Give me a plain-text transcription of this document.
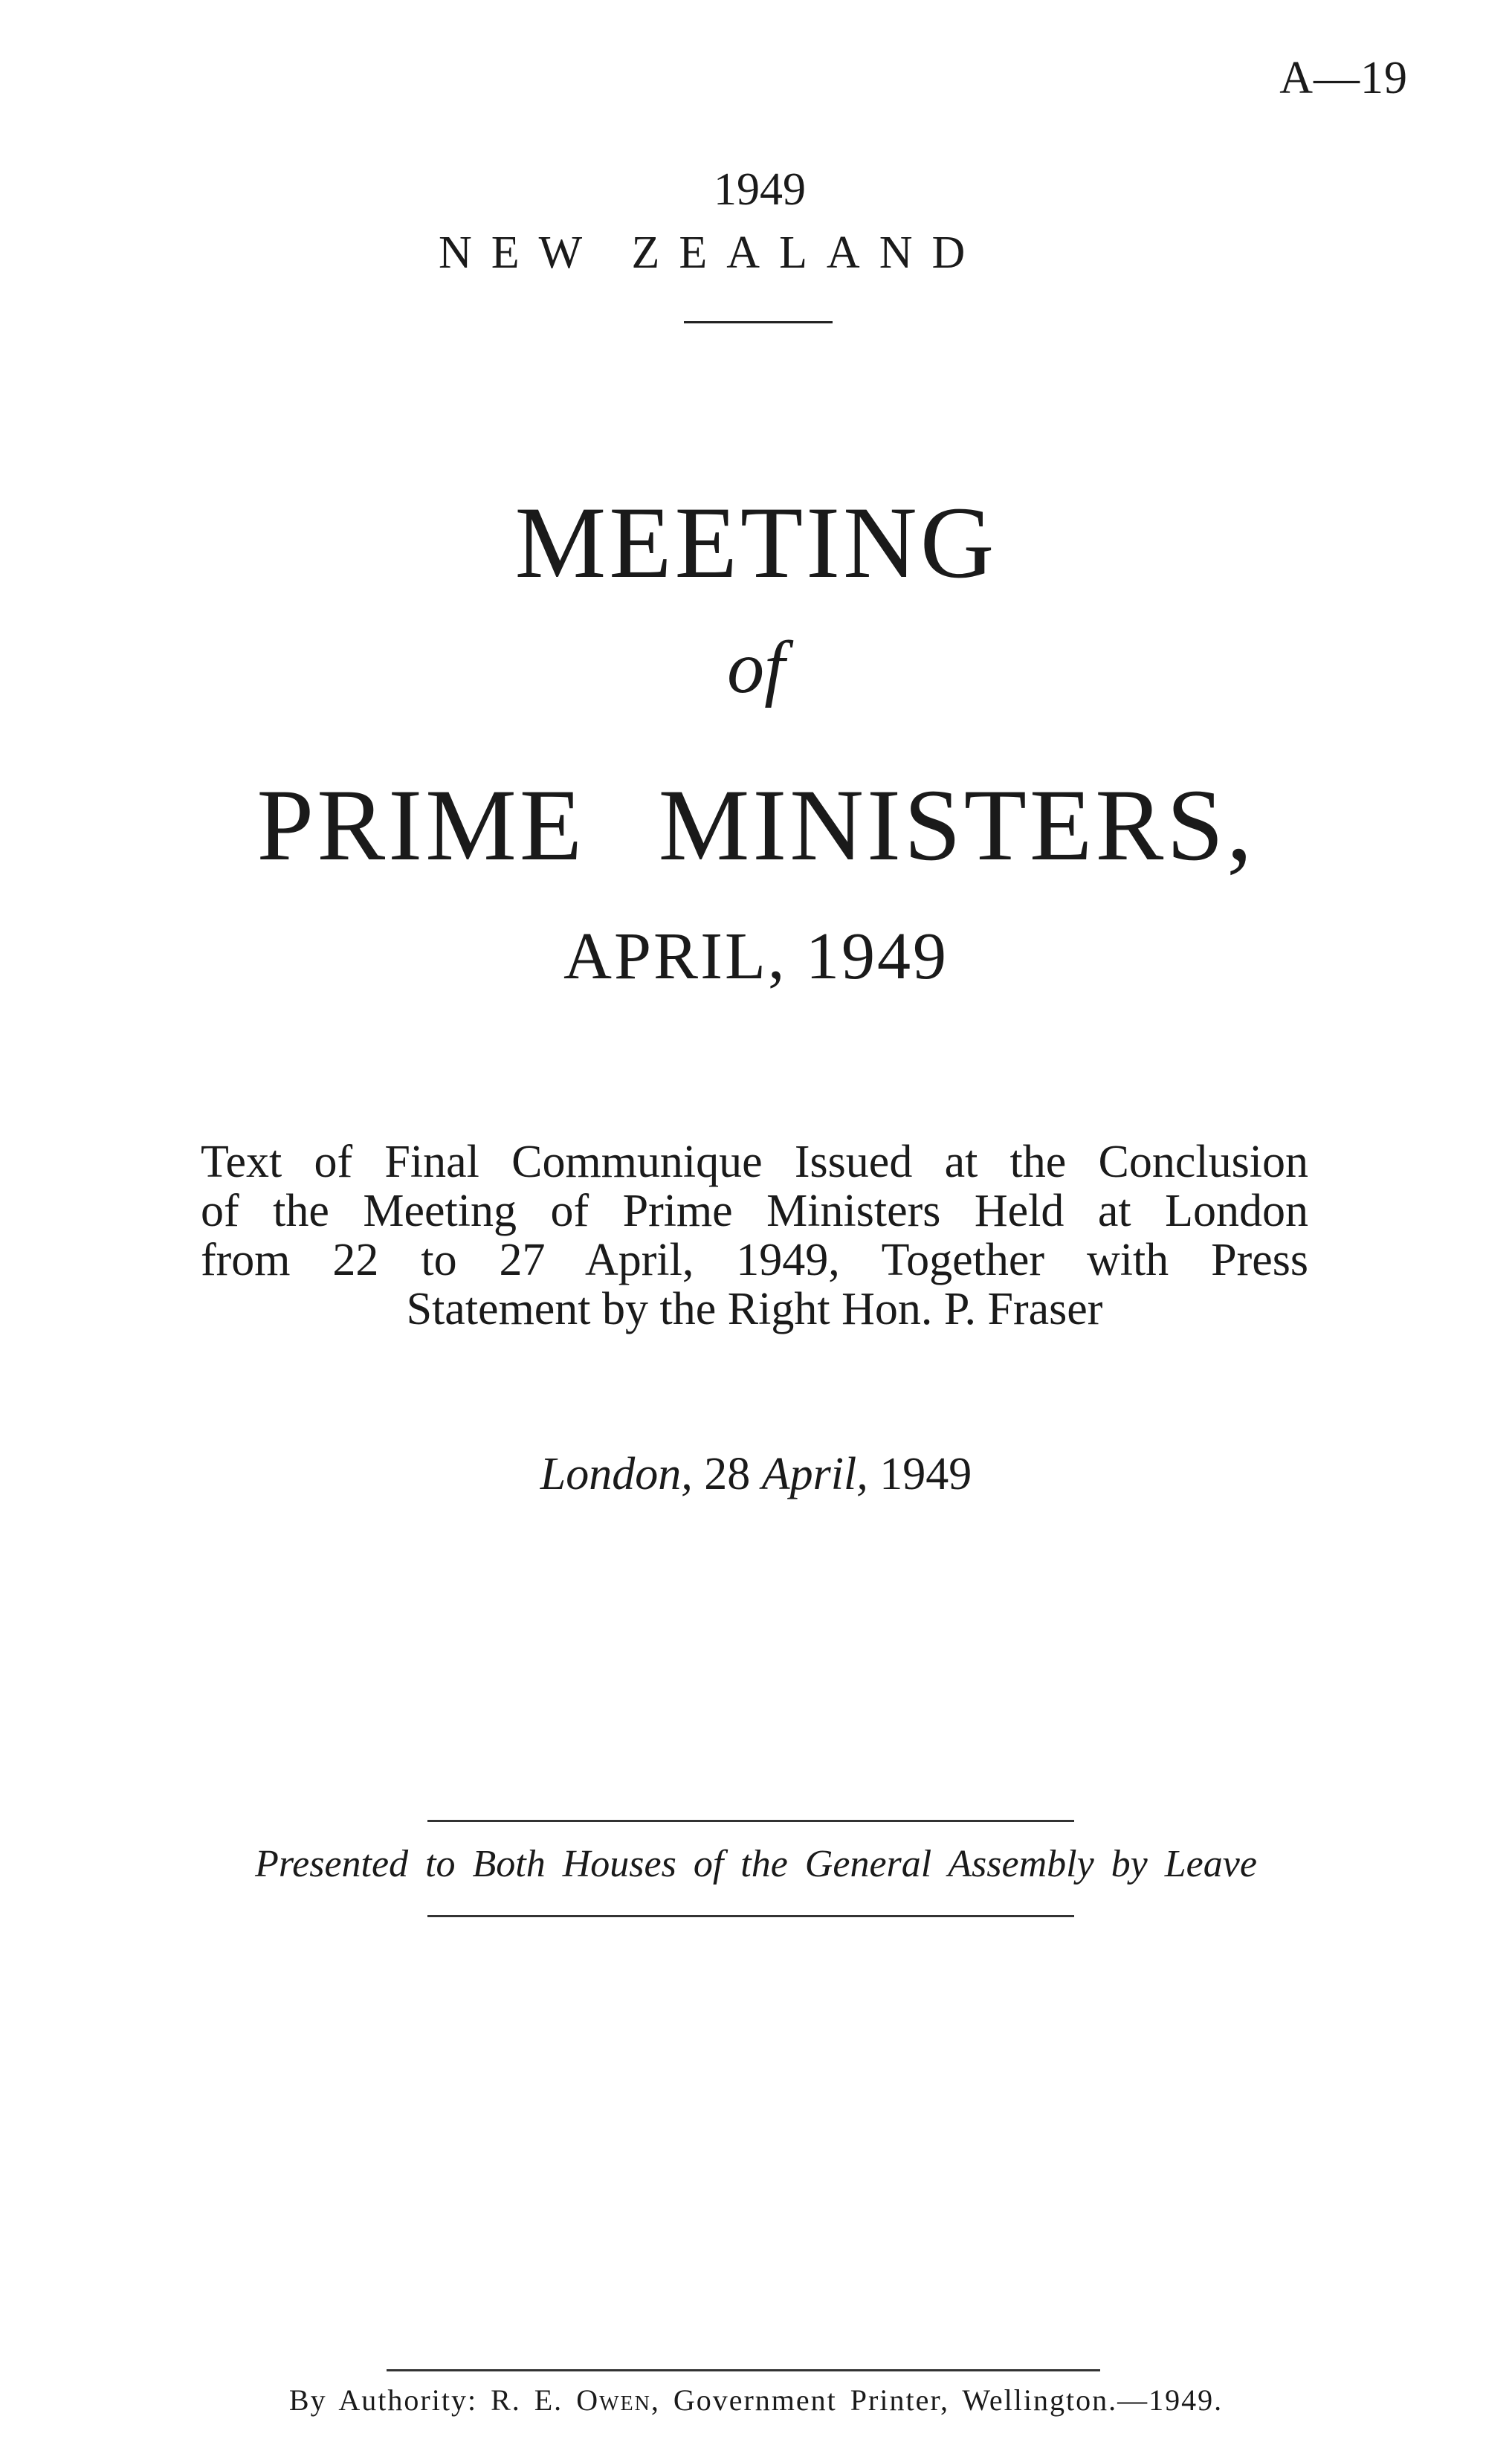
A—19
1949
NEW ZEALAND
MEETING
of
PRIME MINISTERS,
APRIL, 1949
Text of Final Communique Issued at the Conclusion
of the Meeting of Prime Ministers Held at London
from 22 to 27 April, 1949, Together with Press
Statement by the Right Hon. P. Fraser
London, 28 April, 1949
Presented to Both Houses of the General Assembly by Leave
By Authority: R. E. Owen, Government Printer, Wellington.—1949.
